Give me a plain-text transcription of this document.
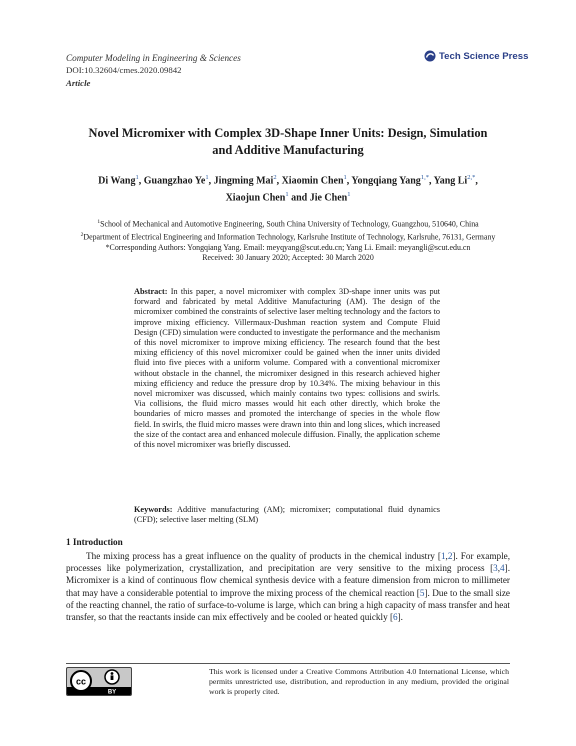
Computer Modeling in Engineering & Sciences
DOI:10.32604/cmes.2020.09842
Article
Tech Science Press
Novel Micromixer with Complex 3D-Shape Inner Units: Design, Simulation
and Additive Manufacturing
Di Wang$^1$, Guangzhao Ye$^1$, Jingming Mai$^2$, Xiaomin Chen$^1$, Yongqiang Yang$^{1,*}$, Yang $Li^{2,*}$,
Xiaojun Chen$^1$ and Jie Chen$^1$
$^1$School of Mechanical and Automotive Engineering, South China University of Technology, Guangzhou, 510640, China
$^2$Department of Electrical Engineering and Information Technology, Karlsruhe Institute of Technology, Karlsruhe, 76131, Germany
*Corresponding Authors: Yongqiang Yang. Email: meyqyang@scut.edu.cn; Yang Li. Email: meyangli@scut.edu.cn
Received: 30 January 2020; Accepted: 30 March 2020
Abstract: In this paper, a novel micromixer with complex 3D-shape inner units was put forward and fabricated by metal Additive Manufacturing (AM). The design of the micromixer combined the constraints of selective laser melting technology and the factors to improve mixing efficiency. Villermaux-Dushman reaction system and Compute Fluid Design (CFD) simulation were conducted to investigate the performance and the mechanism of this novel micromixer to improve mixing efficiency. The research found that the best mixing efficiency of this novel micromixer could be gained when the inner units divided fluid into five pieces with a uniform volume. Compared with a conventional micromixer without obstacle in the channel, the micromixer designed in this research achieved higher mixing efficiency and reduce the pressure drop by 10.34%. The mixing behaviour in this novel micromixer was discussed, which mainly contains two types: collisions and swirls. Via collisions, the fluid micro masses would hit each other directly, which broke the boundaries of micro masses and promoted the interchange of species in the whole flow field. In swirls, the fluid micro masses were drawn into thin and long slices, which increased the size of the contact area and enhanced molecule diffusion. Finally, the application scheme of this novel micromixer was briefly discussed.
Keywords: Additive manufacturing (AM); micromixer; computational fluid dynamics (CFD); selective laser melting (SLM)
1 Introduction
The mixing process has a great influence on the quality of products in the chemical industry [1,2]. For example, processes like polymerization, crystallization, and precipitation are very sensitive to the mixing process [3,4]. Micromixer is a kind of continuous flow chemical synthesis device with a feature dimension from micron to millimeter that may have a considerable potential to improve the mixing process of the chemical reaction [5]. Due to the small size of the reacting channel, the ratio of surface-to-volume is large, which can bring a high capacity of mass transfer and heat transfer, so that the reactants inside can mix effectively and be cooled or heated quickly [6].
cc
BY
This work is licensed under a Creative Commons Attribution 4.0 International License, which permits unrestricted use, distribution, and reproduction in any medium, provided the original work is properly cited.
